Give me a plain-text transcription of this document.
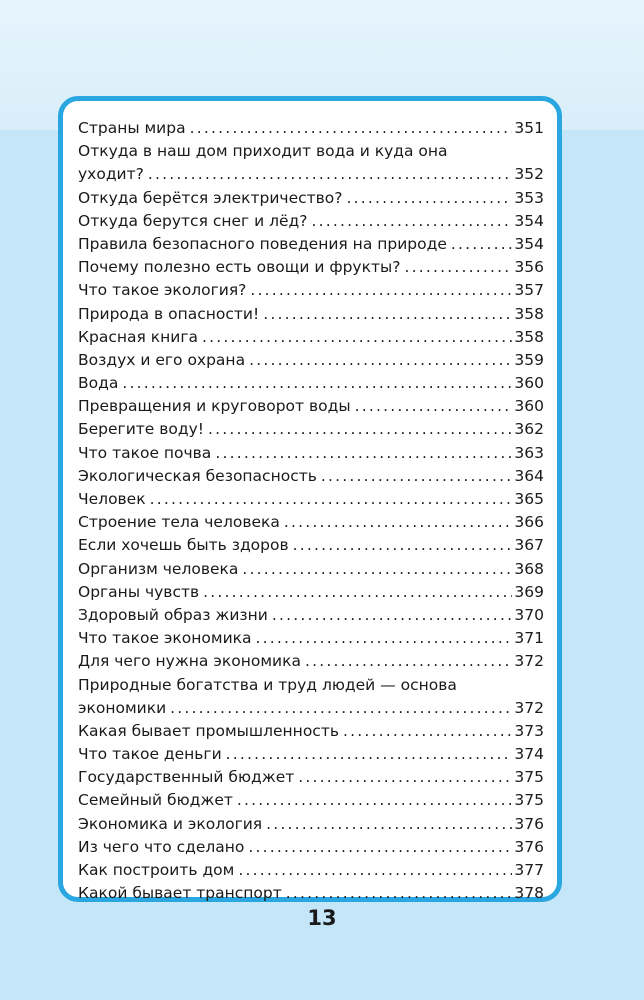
Страны мира .....	351
Откуда в наш дом приходит вода и куда она
уходит? .....	352
Откуда берётся электричество? .....	353
Откуда берутся снег и лёд? .....	354
Правила безопасного поведения на природе .....	354
Почему полезно есть овощи и фрукты? .....	356
Что такое экология? .....	357
Природа в опасности! .....	358
Красная книга .....	358
Воздух и его охрана .....	359
Вода .....	360
Превращения и круговорот воды .....	360
Берегите воду! .....	362
Что такое почва .....	363
Экологическая безопасность .....	364
Человек .....	365
Строение тела человека .....	366
Если хочешь быть здоров .....	367
Организм человека .....	368
Органы чувств .....	369
Здоровый образ жизни .....	370
Что такое экономика .....	371
Для чего нужна экономика .....	372
Природные богатства и труд людей — основа
экономики .....	372
Какая бывает промышленность .....	373
Что такое деньги .....	374
Государственный бюджет .....	375
Семейный бюджет .....	375
Экономика и экология .....	376
Из чего что сделано .....	376
Как построить дом .....	377
Какой бывает транспорт .....	378
13
